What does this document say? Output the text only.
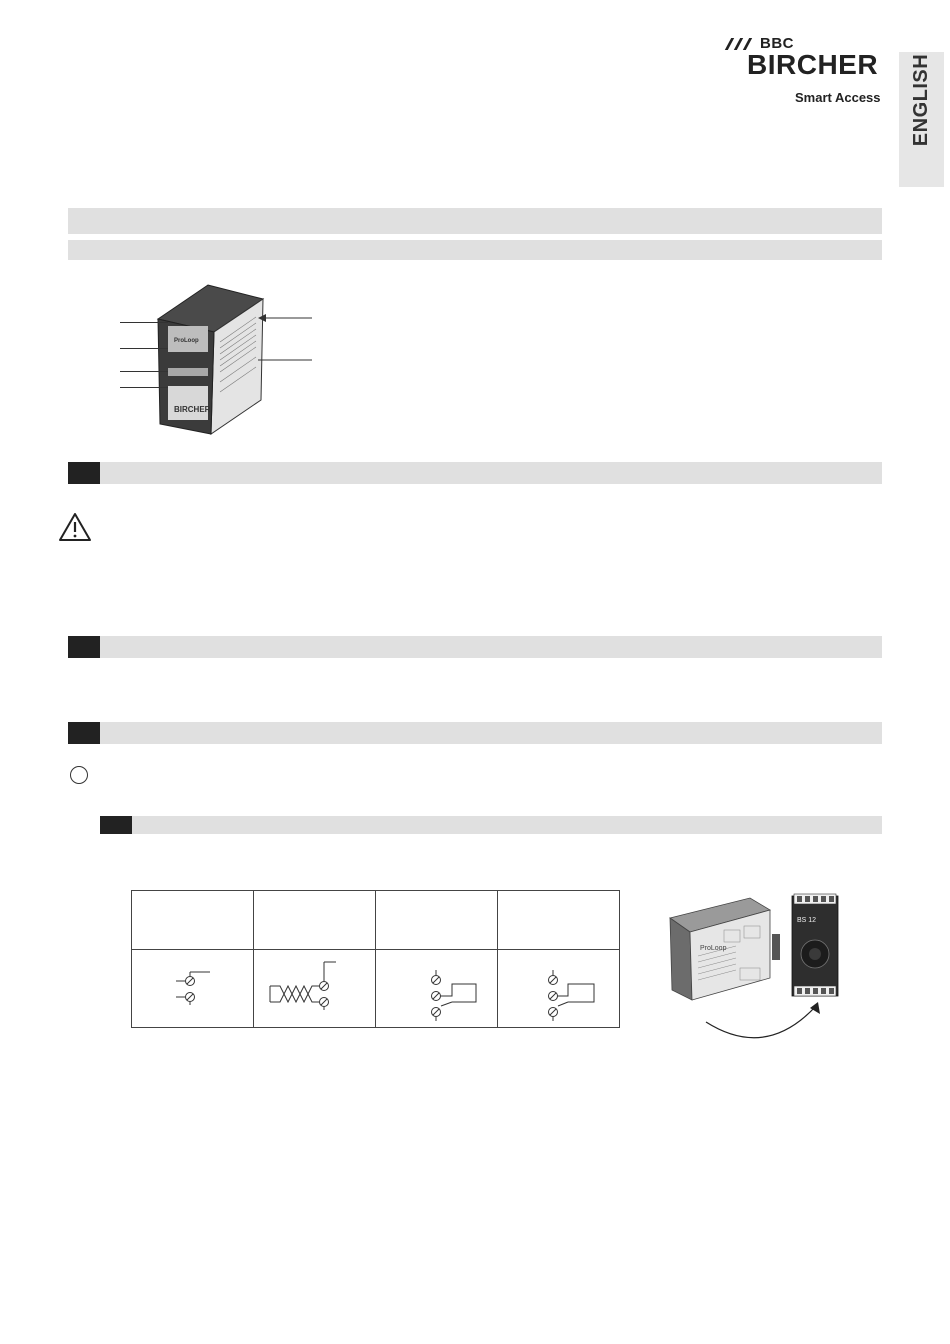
BBC
BIRCHER
Smart Access	ENGLISH
BIRCHER
ProLoop

ProLoop
BS 12
